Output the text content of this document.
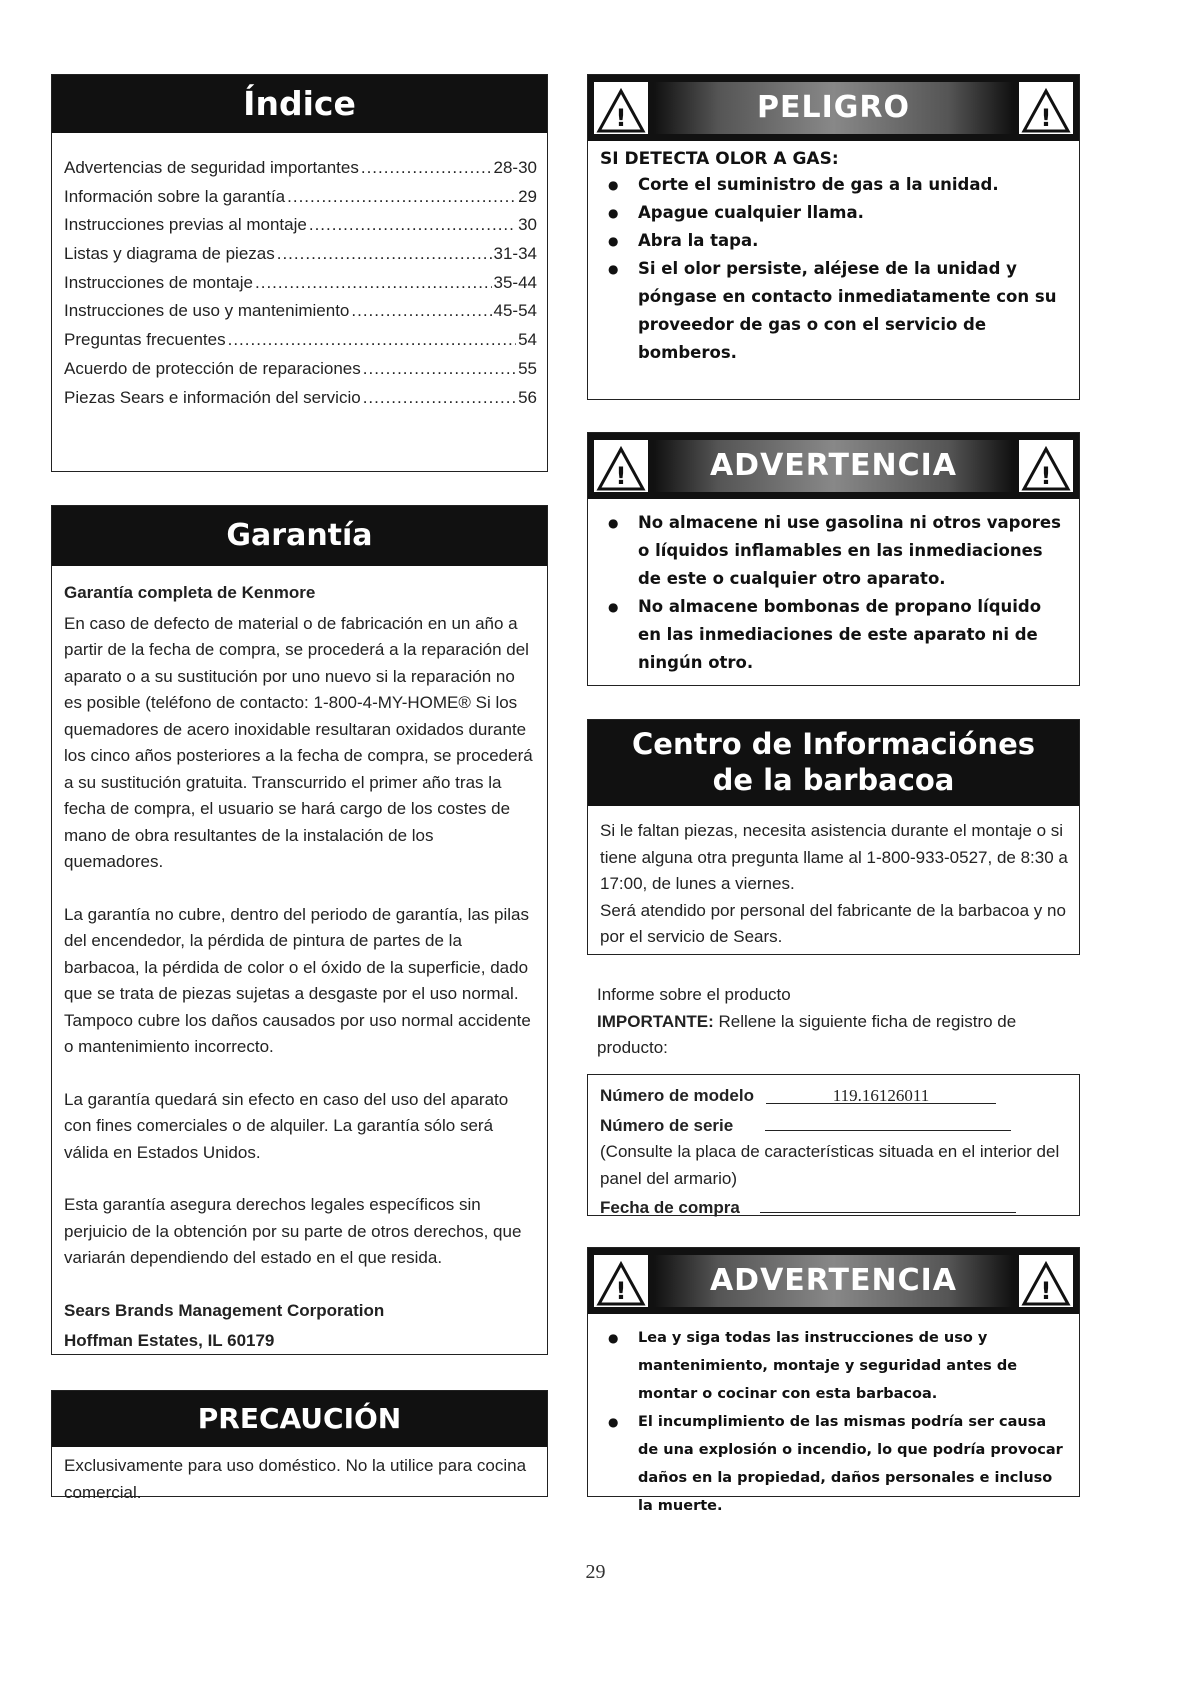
Índice
Advertencias de seguridad importantes .....	28-30
Información sobre la garantía .....	29
Instrucciones previas al montaje .....	30
Listas y diagrama de piezas .....	31-34
Instrucciones de montaje .....	35-44
Instrucciones de uso y mantenimiento .....	45-54
Preguntas frecuentes .....	54
Acuerdo de protección de reparaciones .....	55
Piezas Sears e información del servicio .....	56
Garantía
Garantía completa de Kenmore

En caso de defecto de material o de fabricación en un año a partir de la fecha de compra, se procederá a la reparación del aparato o a su sustitución por uno nuevo si la reparación no es posible (teléfono de contacto: 1-800-4-MY-HOME® Si los quemadores de acero inoxidable resultaran oxidados durante los cinco años posteriores a la fecha de compra, se procederá a su sustitución gratuita. Transcurrido el primer año tras la fecha de compra, el usuario se hará cargo de los costes de mano de obra resultantes de la instalación de los quemadores.

La garantía no cubre, dentro del periodo de garantía, las pilas del encendedor, la pérdida de pintura de partes de la barbacoa, la pérdida de color o el óxido de la superficie, dado que se trata de piezas sujetas a desgaste por el uso normal. Tampoco cubre los daños causados por uso normal accidente o mantenimiento incorrecto.

La garantía quedará sin efecto en caso del uso del aparato con fines comerciales o de alquiler. La garantía sólo será válida en Estados Unidos.

Esta garantía asegura derechos legales específicos sin perjuicio de la obtención por su parte de otros derechos, que variarán dependiendo del estado en el que resida.

Sears Brands Management Corporation
Hoffman Estates, IL 60179
PRECAUCIÓN
Exclusivamente para uso doméstico. No la utilice para cocina comercial.
!	PELIGRO	!
SI DETECTA OLOR A GAS:
● Corte el suministro de gas a la unidad.
● Apague cualquier llama.
● Abra la tapa.
● Si el olor persiste, aléjese de la unidad y póngase en contacto inmediatamente con su proveedor de gas o con el servicio de bomberos.
!	ADVERTENCIA	!
● No almacene ni use gasolina ni otros vapores o líquidos inflamables en las inmediaciones de este o cualquier otro aparato.
● No almacene bombonas de propano líquido en las inmediaciones de este aparato ni de ningún otro.
Centro de Informaciónes
de la barbacoa

Si le faltan piezas, necesita asistencia durante el montaje o si tiene alguna otra pregunta llame al 1-800-933-0527, de 8:30 a 17:00, de lunes a viernes.

Será atendido por personal del fabricante de la barbacoa y no por el servicio de Sears.

Informe sobre el producto

IMPORTANTE: Rellene la siguiente ficha de registro de producto:

Número de modelo	119.16126011
Número de serie
(Consulte la placa de características situada en el interior del panel del armario)
Fecha de compra
!	ADVERTENCIA	!
● Lea y siga todas las instrucciones de uso y mantenimiento, montaje y seguridad antes de montar o cocinar con esta barbacoa.
● El incumplimiento de las mismas podría ser causa de una explosión o incendio, lo que podría provocar daños en la propiedad, daños personales e incluso la muerte.
29
